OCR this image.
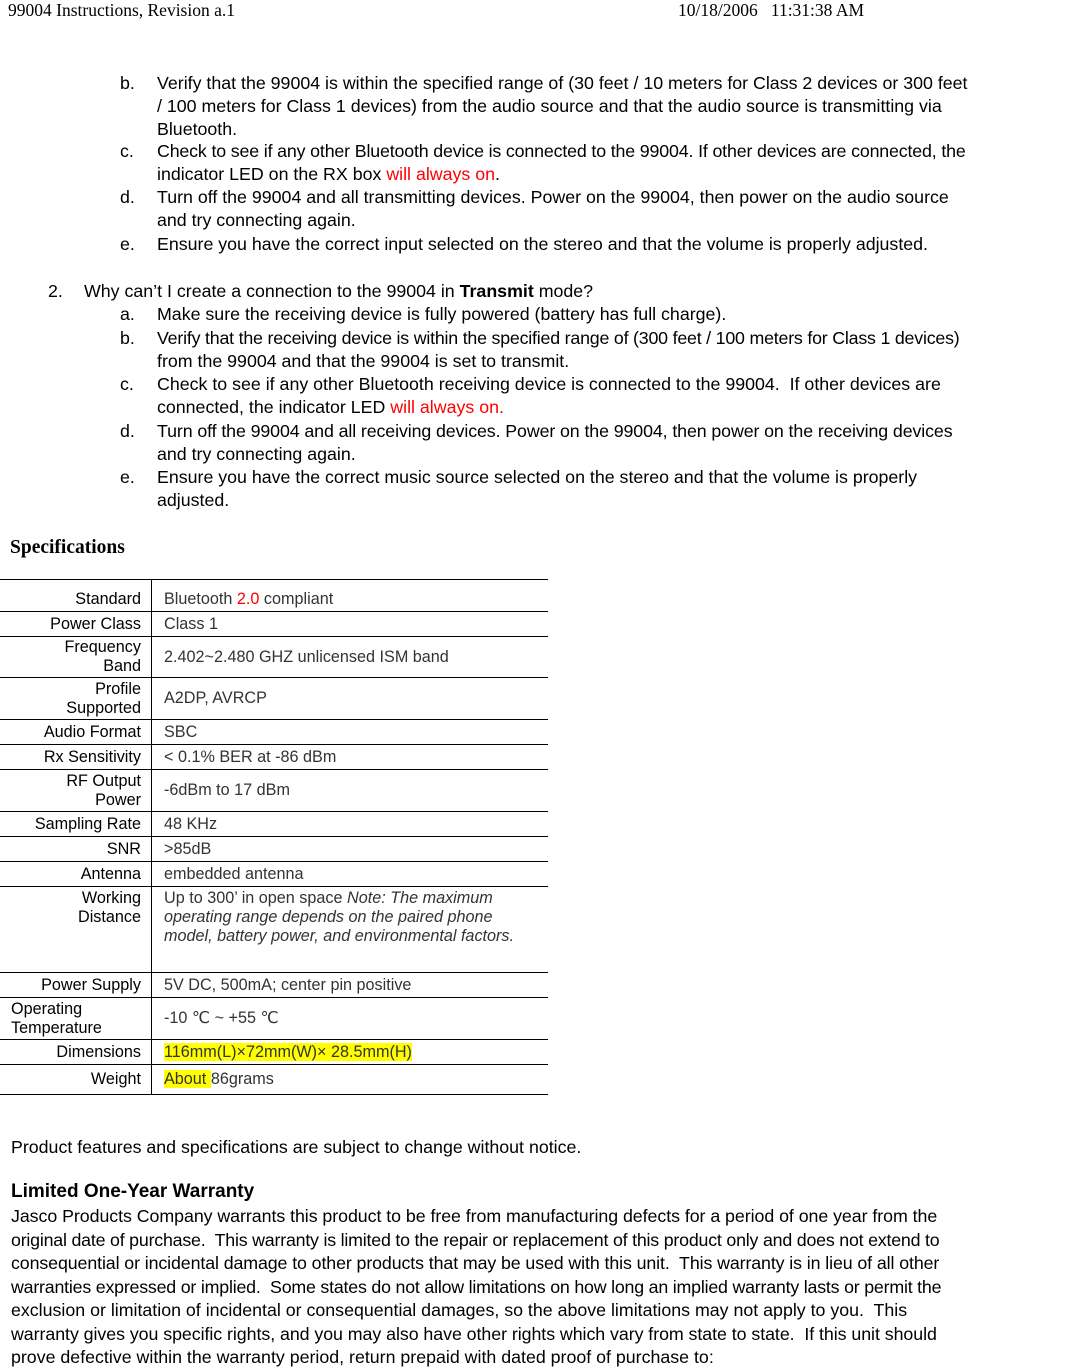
99004 Instructions, Revision a.1	10/18/2006   11:31:38 AM
b. Verify that the 99004 is within the specified range of (30 feet / 10 meters for Class 2 devices or 300 feet
/ 100 meters for Class 1 devices) from the audio source and that the audio source is transmitting via
Bluetooth.
c. Check to see if any other Bluetooth device is connected to the 99004. If other devices are connected, the
indicator LED on the RX box will always on.
d. Turn off the 99004 and all transmitting devices. Power on the 99004, then power on the audio source
and try connecting again.
e. Ensure you have the correct input selected on the stereo and that the volume is properly adjusted.
2. Why can’t I create a connection to the 99004 in Transmit mode?
a. Make sure the receiving device is fully powered (battery has full charge).
b. Verify that the receiving device is within the specified range of (300 feet / 100 meters for Class 1 devices)
from the 99004 and that the 99004 is set to transmit.
c. Check to see if any other Bluetooth receiving device is connected to the 99004.  If other devices are
connected, the indicator LED will always on.
d. Turn off the 99004 and all receiving devices. Power on the 99004, then power on the receiving devices
and try connecting again.
e. Ensure you have the correct music source selected on the stereo and that the volume is properly
adjusted.
Specifications
Standard	Bluetooth 2.0 compliant
Power Class	Class 1

Frequency
Band	2.402~2.480 GHZ unlicensed ISM band

Profile
Supported	A2DP, AVRCP
Audio Format	SBC
Rx Sensitivity	< 0.1% BER at -86 dBm

RF Output
Power	-6dBm to 17 dBm
Sampling Rate	48 KHz
SNR	>85dB
Antenna	embedded antenna

Working
Distance	Up to 300’ in open space Note: The maximum operating range depends on the paired phone model, battery power, and environmental factors.
Power Supply	5V DC, 500mA; center pin positive

Operating
Temperature	-10 ℃ ~ +55 ℃
Dimensions	116mm(L)×72mm(W)× 28.5mm(H)
Weight	About 86grams
Product features and specifications are subject to change without notice.
Limited One-Year Warranty

Jasco Products Company warrants this product to be free from manufacturing defects for a period of one year from the

original date of purchase.  This warranty is limited to the repair or replacement of this product only and does not extend to

consequential or incidental damage to other products that may be used with this unit.  This warranty is in lieu of all other

warranties expressed or implied.  Some states do not allow limitations on how long an implied warranty lasts or permit the

exclusion or limitation of incidental or consequential damages, so the above limitations may not apply to you.  This

warranty gives you specific rights, and you may also have other rights which vary from state to state.  If this unit should

prove defective within the warranty period, return prepaid with dated proof of purchase to:
